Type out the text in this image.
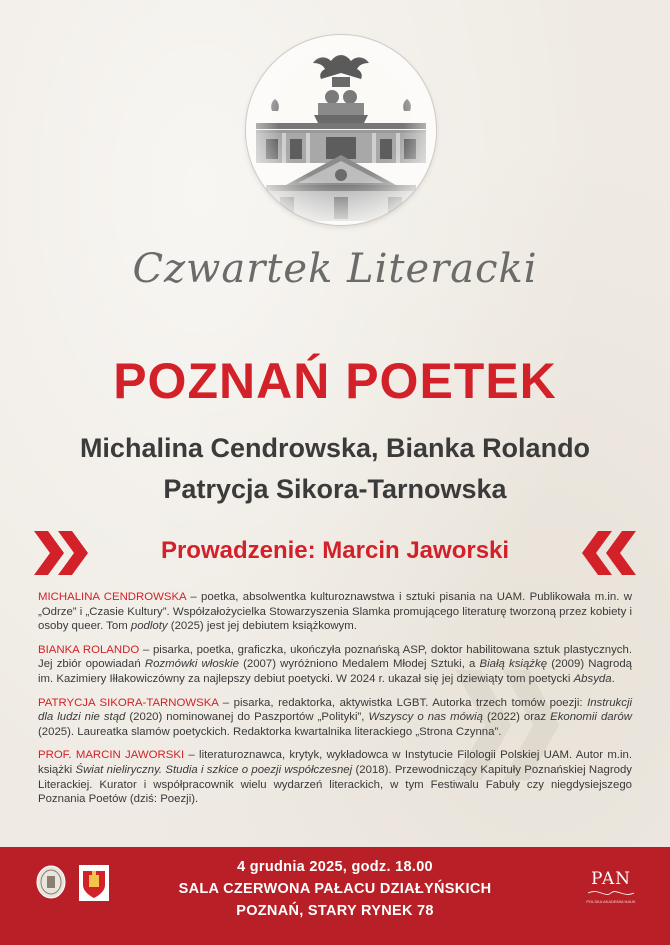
Czwartek Literacki
POZNAŃ POETEK
Michalina Cendrowska, Bianka Rolando
Patrycja Sikora-Tarnowska
Prowadzenie: Marcin Jaworski

MICHALINA CENDROWSKA – poetka, absolwentka kulturoznawstwa i sztuki pisania na UAM. Publikowała m.in. w „Odrze” i „Czasie Kultury”. Współzałożycielka Stowarzyszenia Slamka promującego literaturę tworzoną przez kobiety i osoby queer. Tom podloty (2025) jest jej debiutem książkowym.

BIANKA ROLANDO – pisarka, poetka, graficzka, ukończyła poznańską ASP, doktor habilitowana sztuk plastycznych. Jej zbiór opowiadań Rozmówki włoskie (2007) wyróżniono Medalem Młodej Sztuki, a Białą książkę (2009) Nagrodą im. Kazimiery Iłłakowiczówny za najlepszy debiut poetycki. W 2024 r. ukazał się jej dziewiąty tom poetycki Absyda.

PATRYCJA SIKORA-TARNOWSKA – pisarka, redaktorka, aktywistka LGBT. Autorka trzech tomów poezji: Instrukcji dla ludzi nie stąd (2020) nominowanej do Paszportów „Polityki”, Wszyscy o nas mówią (2022) oraz Ekonomii darów (2025). Laureatka slamów poetyckich. Redaktorka kwartalnika literackiego „Strona Czynna”.

PROF. MARCIN JAWORSKI – literaturoznawca, krytyk, wykładowca w Instytucie Filologii Polskiej UAM. Autor m.in. książki Świat nieliryczny. Studia i szkice o poezji współczesnej (2018). Przewodniczący Kapituły Poznańskiej Nagrody Literackiej. Kurator i współpracownik wielu wydarzeń literackich, w tym Festiwalu Fabuły czy niegdysiejszego Poznania Poetów (dziś: Poezji).

4 grudnia 2025, godz. 18.00
SALA CZERWONA PAŁACU DZIAŁYŃSKICH
POZNAŃ, STARY RYNEK 78
PAN
POLSKA AKADEMIA NAUK
